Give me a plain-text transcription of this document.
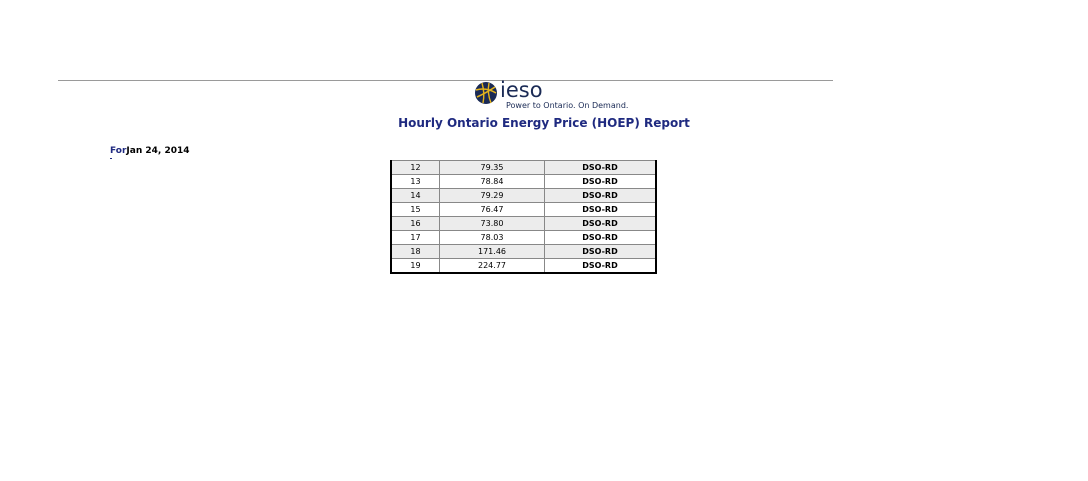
ieso
Power to Ontario. On Demand.
Hourly Ontario Energy Price (HOEP) Report
ForJan 24, 2014
12	79.35	DSO-RD
13	78.84	DSO-RD
14	79.29	DSO-RD
15	76.47	DSO-RD
16	73.80	DSO-RD
17	78.03	DSO-RD
18	171.46	DSO-RD
19	224.77	DSO-RD
